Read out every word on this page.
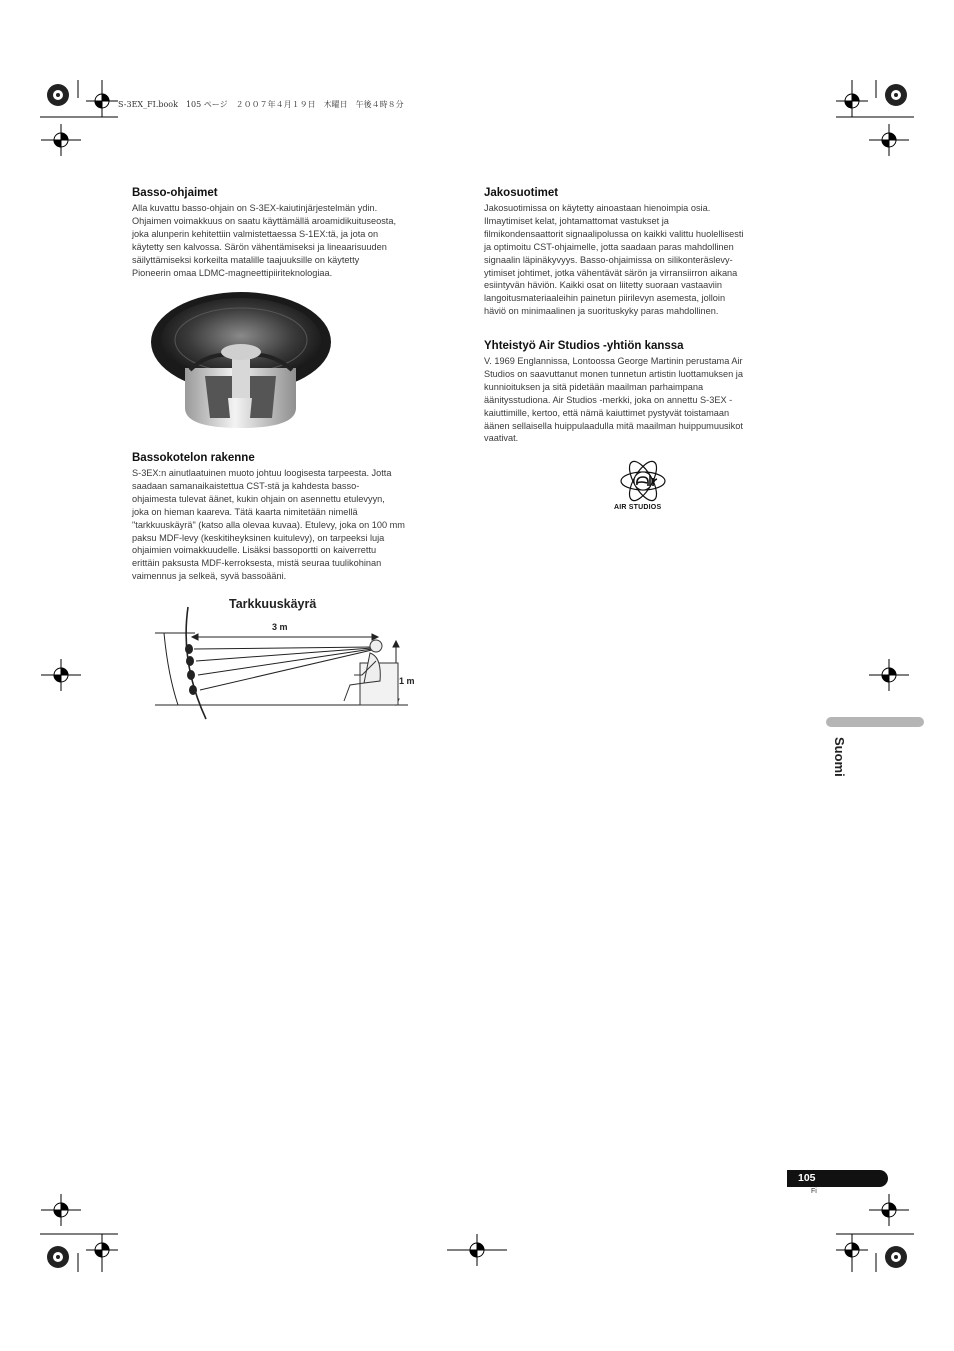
S-3EX_FI.book　105 ページ　２００７年４月１９日　木曜日　午後４時８分
Basso-ohjaimet

Alla kuvattu basso-ohjain on S-3EX-kaiutinjärjestelmän ydin.
Ohjaimen voimakkuus on saatu käyttämällä aroamidikuituseosta,
joka alunperin kehitettiin valmistettaessa S-1EX:tä, ja jota on
käytetty sen kalvossa. Särön vähentämiseksi ja lineaarisuuden
säilyttämiseksi korkeilta matalille taajuuksille on käytetty
Pioneerin omaa LDMC-magneettipiiriteknologiaa.

Bassokotelon rakenne

S-3EX:n ainutlaatuinen muoto johtuu loogisesta tarpeesta. Jotta
saadaan samanaikaistettua CST-stä ja kahdesta basso-
ohjaimesta tulevat äänet, kukin ohjain on asennettu etulevyyn,
joka on hieman kaareva. Tätä kaarta nimitetään nimellä
"tarkkuuskäyrä" (katso alla olevaa kuvaa). Etulevy, joka on 100 mm
paksu MDF-levy (keskitiheyksinen kuitulevy), on tarpeeksi luja
ohjaimien voimakkuudelle. Lisäksi bassoportti on kaiverrettu
erittäin paksusta MDF-kerroksesta, mistä seuraa tuulikohinan
vaimennus ja selkeä, syvä bassoääni.

Tarkkuuskäyrä
3 m
1 m
Jakosuotimet

Jakosuotimissa on käytetty ainoastaan hienoimpia osia.
Ilmaytimiset kelat, johtamattomat vastukset ja
filmikondensaattorit signaalipolussa on kaikki valittu huolellisesti
ja optimoitu CST-ohjaimelle, jotta saadaan paras mahdollinen
signaalin läpinäkyvyys. Basso-ohjaimissa on silikonteräslevy-
ytimiset johtimet, jotka vähentävät särön ja virransiirron aikana
esiintyvän häviön. Kaikki osat on liitetty suoraan vastaaviin
langoitusmateriaaleihin painetun piirilevyn asemesta, jolloin
häviö on minimaalinen ja suorituskyky paras mahdollinen.

Yhteistyö Air Studios -yhtiön kanssa

V. 1969 Englannissa, Lontoossa George Martinin perustama Air
Studios on saavuttanut monen tunnetun artistin luottamuksen ja
kunnioituksen ja sitä pidetään maailman parhaimpana
äänitysstudiona. Air Studios -merkki, joka on annettu S-3EX -
kaiuttimille, kertoo, että nämä kaiuttimet pystyvät toistamaan
äänen sellaisella huippulaadulla mitä maailman huippumuusikot
vaativat.

AIR STUDIOS
Suomi
105
Fi
